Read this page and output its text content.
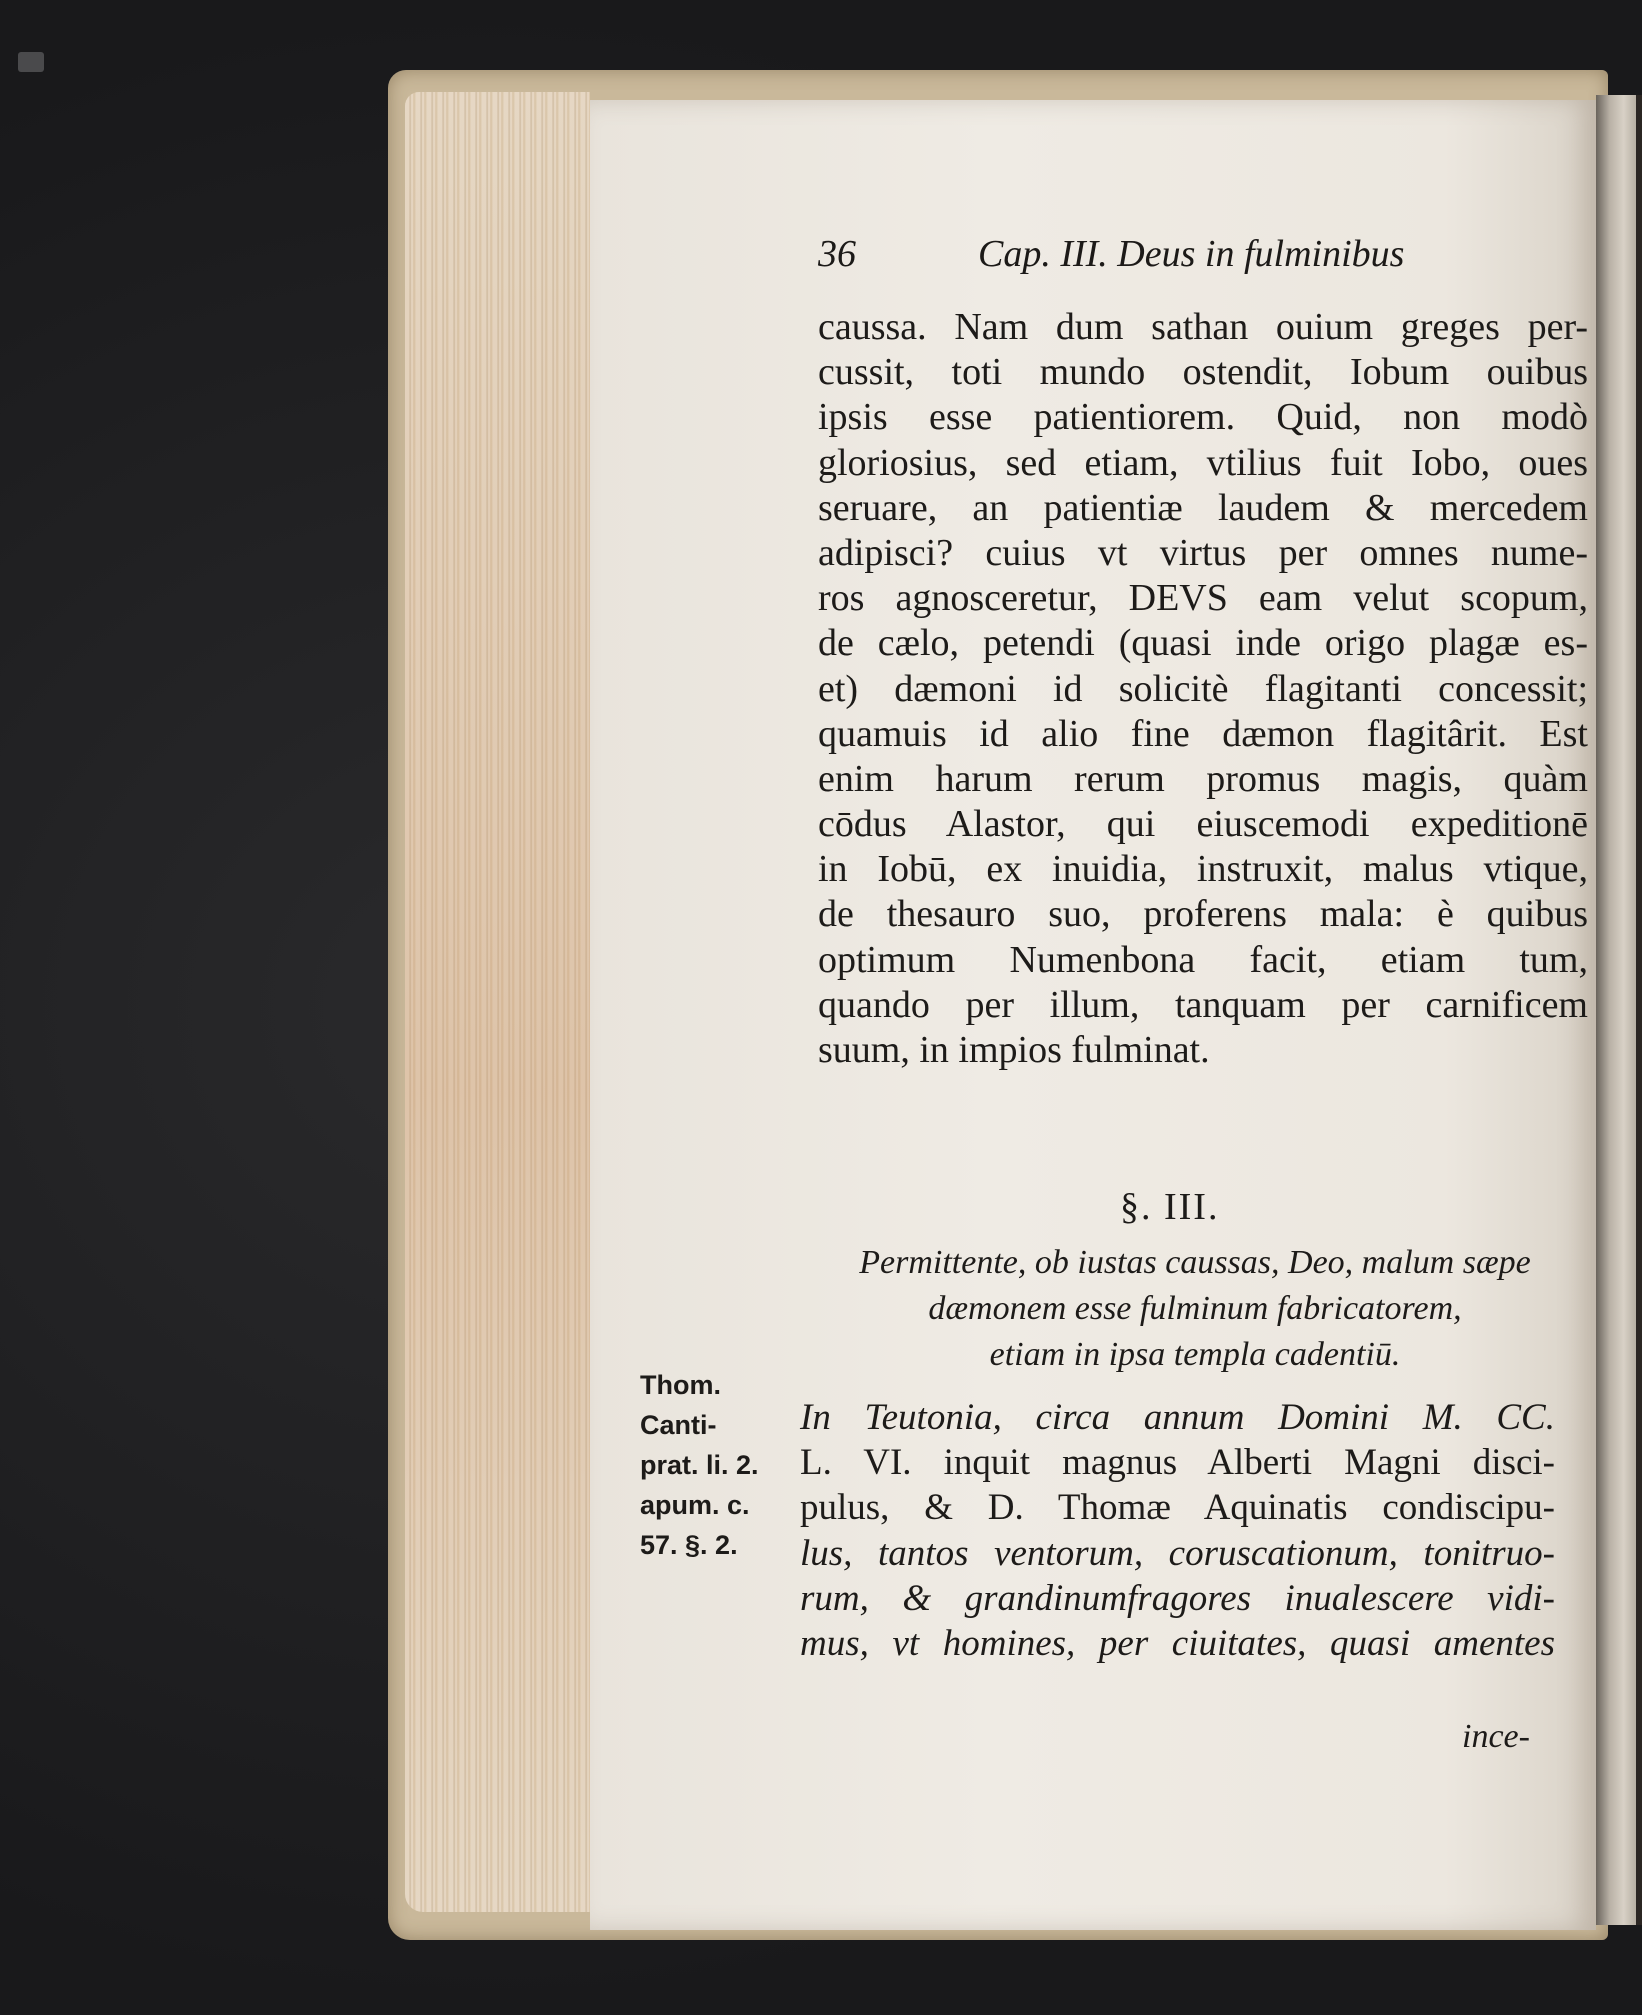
36	Cap. III. Deus in fulminibus
caussa. Nam dum sathan ouium greges per-
cussit, toti mundo ostendit, Iobum ouibus
ipsis esse patientiorem. Quid, non modò
gloriosius, sed etiam, vtilius fuit Iobo, oues
seruare, an patientiæ laudem & mercedem
adipisci? cuius vt virtus per omnes nume-
ros agnosceretur, DEVS eam velut scopum,
de cælo, petendi (quasi inde origo plagæ es-
et) dæmoni id solicitè flagitanti concessit;
quamuis id alio fine dæmon flagitârit. Est
enim harum rerum promus magis, quàm
cōdus Alastor, qui eiuscemodi expeditionē
in Iobū, ex inuidia, instruxit, malus vtique,
de thesauro suo, proferens mala: è quibus
optimum Numenbona facit, etiam tum,
quando per illum, tanquam per carnificem
suum, in impios fulminat.
§. III.
Permittente, ob iustas caussas, Deo, malum sæpe
dæmonem esse fulminum fabricatorem,
etiam in ipsa templa cadentiū.
Thom.
Canti-
prat. li. 2.
apum. c.
57. §. 2.
In Teutonia, circa annum Domini M. CC.
L. VI. inquit magnus Alberti Magni disci-
pulus, & D. Thomæ Aquinatis condiscipu-
lus, tantos ventorum, coruscationum, tonitruo-
rum, & grandinumfragores inualescere vidi-
mus, vt homines, per ciuitates, quasi amentes
ince-
